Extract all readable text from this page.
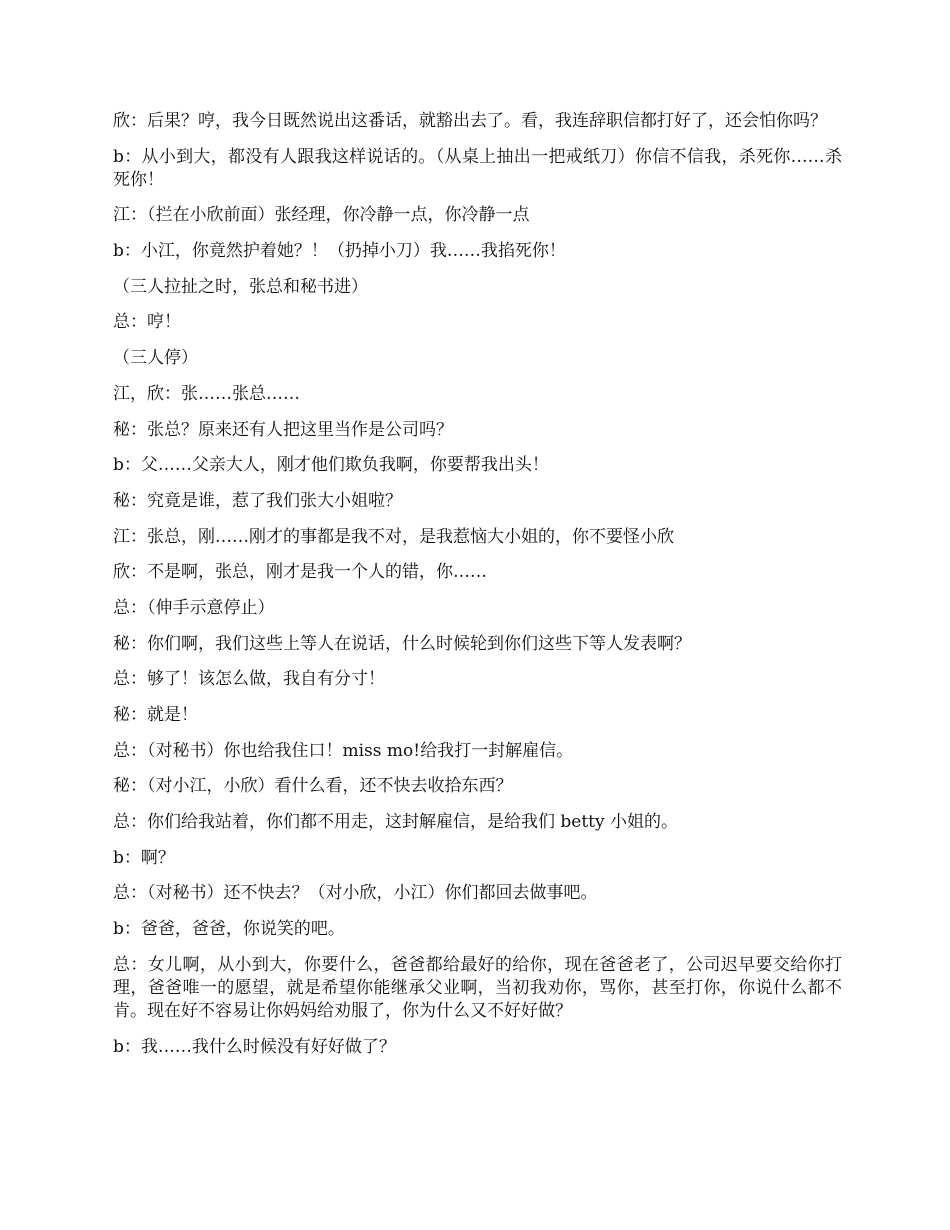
欣：后果？哼，我今日既然说出这番话，就豁出去了。看，我连辞职信都打好了，还会怕你吗？

b：从小到大，都没有人跟我这样说话的。（从桌上抽出一把戒纸刀）你信不信我，杀死你……杀死你！

江：（拦在小欣前面）张经理，你冷静一点，你冷静一点

b：小江，你竟然护着她？！（扔掉小刀）我……我掐死你！

（三人拉扯之时，张总和秘书进）

总：哼！

（三人停）

江，欣：张……张总……

秘：张总？原来还有人把这里当作是公司吗？

b：父……父亲大人，刚才他们欺负我啊，你要帮我出头！

秘：究竟是谁，惹了我们张大小姐啦？

江：张总，刚……刚才的事都是我不对，是我惹恼大小姐的，你不要怪小欣

欣：不是啊，张总，刚才是我一个人的错，你……

总：（伸手示意停止）

秘：你们啊，我们这些上等人在说话，什么时候轮到你们这些下等人发表啊？

总：够了！该怎么做，我自有分寸！

秘：就是！

总：（对秘书）你也给我住口！miss mo!给我打一封解雇信。

秘：（对小江，小欣）看什么看，还不快去收拾东西？

总：你们给我站着，你们都不用走，这封解雇信，是给我们 betty 小姐的。

b：啊？

总：（对秘书）还不快去？（对小欣，小江）你们都回去做事吧。

b：爸爸，爸爸，你说笑的吧。

总：女儿啊，从小到大，你要什么，爸爸都给最好的给你，现在爸爸老了，公司迟早要交给你打理，爸爸唯一的愿望，就是希望你能继承父业啊，当初我劝你，骂你，甚至打你，你说什么都不肯。现在好不容易让你妈妈给劝服了，你为什么又不好好做？

b：我……我什么时候没有好好做了？
